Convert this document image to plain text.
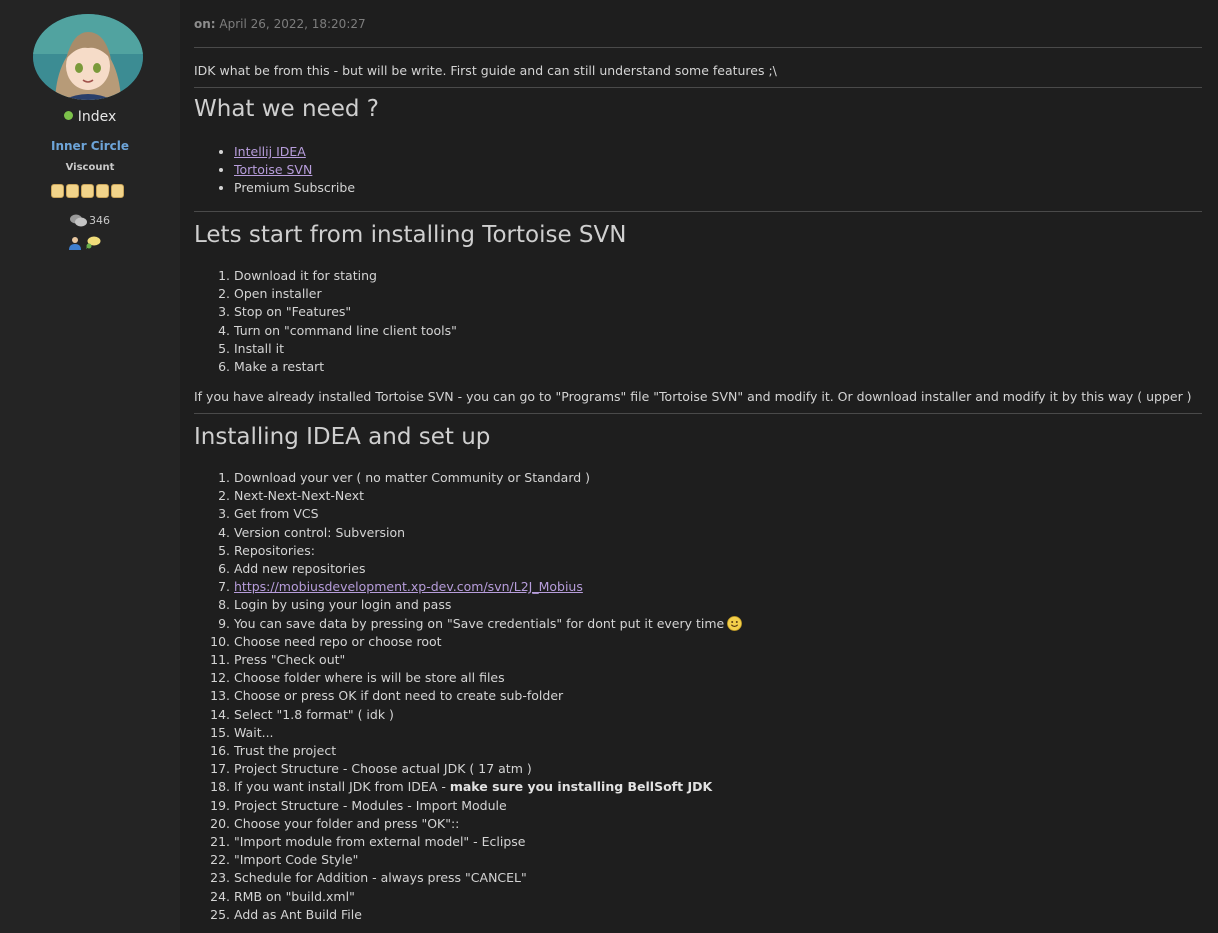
Index
Inner Circle
Viscount
346
on: April 26, 2022, 18:20:27
IDK what be from this - but will be write. First guide and can still understand some features ;\
What we need ?
• Intellij IDEA
• Tortoise SVN
• Premium Subscribe
Lets start from installing Tortoise SVN
1. Download it for stating
2. Open installer
3. Stop on "Features"
4. Turn on "command line client tools"
5. Install it
6. Make a restart
If you have already installed Tortoise SVN - you can go to "Programs" file "Tortoise SVN" and modify it. Or download installer and modify it by this way ( upper )
Installing IDEA and set up
1. Download your ver ( no matter Community or Standard )
2. Next-Next-Next-Next
3. Get from VCS
4. Version control: Subversion
5. Repositories:
6. Add new repositories
7. https://mobiusdevelopment.xp-dev.com/svn/L2J_Mobius
8. Login by using your login and pass
9. You can save data by pressing on "Save credentials" for dont put it every time
10. Choose need repo or choose root
11. Press "Check out"
12. Choose folder where is will be store all files
13. Choose or press OK if dont need to create sub-folder
14. Select "1.8 format" ( idk )
15. Wait...
16. Trust the project
17. Project Structure - Choose actual JDK ( 17 atm )
18. If you want install JDK from IDEA - make sure you installing BellSoft JDK
19. Project Structure - Modules - Import Module
20. Choose your folder and press "OK"::
21. "Import module from external model" - Eclipse
22. "Import Code Style"
23. Schedule for Addition - always press "CANCEL"
24. RMB on "build.xml"
25. Add as Ant Build File
